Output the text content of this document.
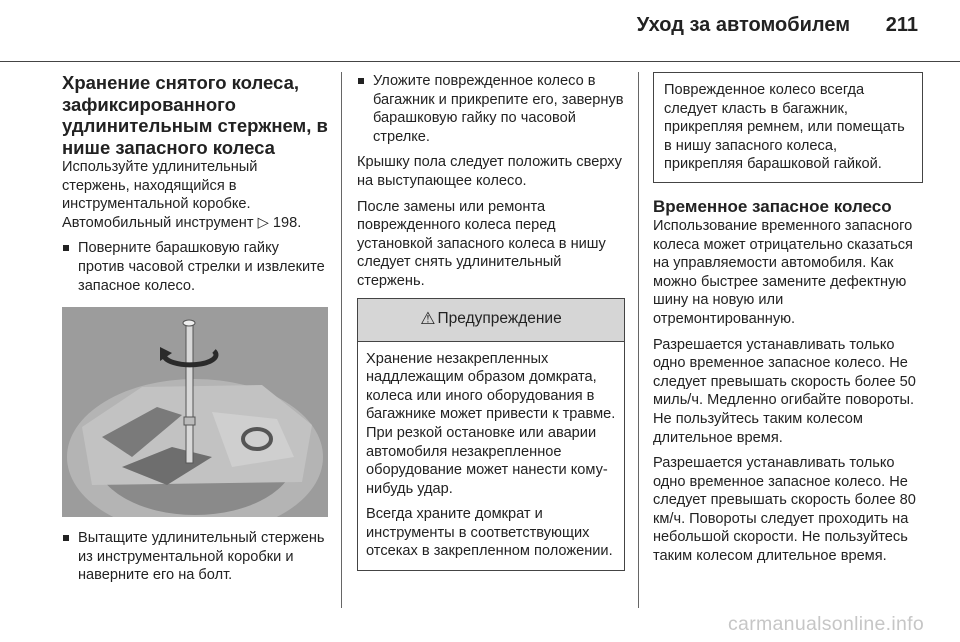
Уход за автомобилем 211
Хранение снятого колеса, зафиксированного удлинительным стержнем, в нише запасного колеса

Используйте удлинительный стержень, находящийся в инструментальной коробке. Автомобильный инструмент ▷ 198.

Поверните барашковую гайку против часовой стрелки и извлеките запасное колесо.
Вытащите удлинительный стержень из инструментальной коробки и наверните его на болт.
Уложите поврежденное колесо в багажник и прикрепите его, завернув барашковую гайку по часовой стрелке.

Крышку пола следует положить сверху на выступающее колесо.

После замены или ремонта поврежденного колеса перед установкой запасного колеса в нишу следует снять удлинительный стержень.

⚠ Предупреждение

Хранение незакрепленных наддлежащим образом домкрата, колеса или иного оборудования в багажнике может привести к травме. При резкой остановке или аварии автомобиля незакрепленное оборудование может нанести кому-нибудь удар.

Всегда храните домкрат и инструменты в соответствующих отсеках в закрепленном положении.

Поврежденное колесо всегда следует класть в багажник, прикрепляя ремнем, или помещать в нишу запасного колеса, прикрепляя барашковой гайкой.
Временное запасное колесо

Использование временного запасного колеса может отрицательно сказаться на управляемости автомобиля. Как можно быстрее замените дефектную шину на новую или отремонтированную.

Разрешается устанавливать только одно временное запасное колесо. Не следует превышать скорость более 50 миль/ч. Медленно огибайте повороты. Не пользуйтесь таким колесом длительное время.

Разрешается устанавливать только одно временное запасное колесо. Не следует превышать скорость более 80 км/ч. Повороты следует проходить на небольшой скорости. Не пользуйтесь таким колесом длительное время.

carmanualsonline.info
